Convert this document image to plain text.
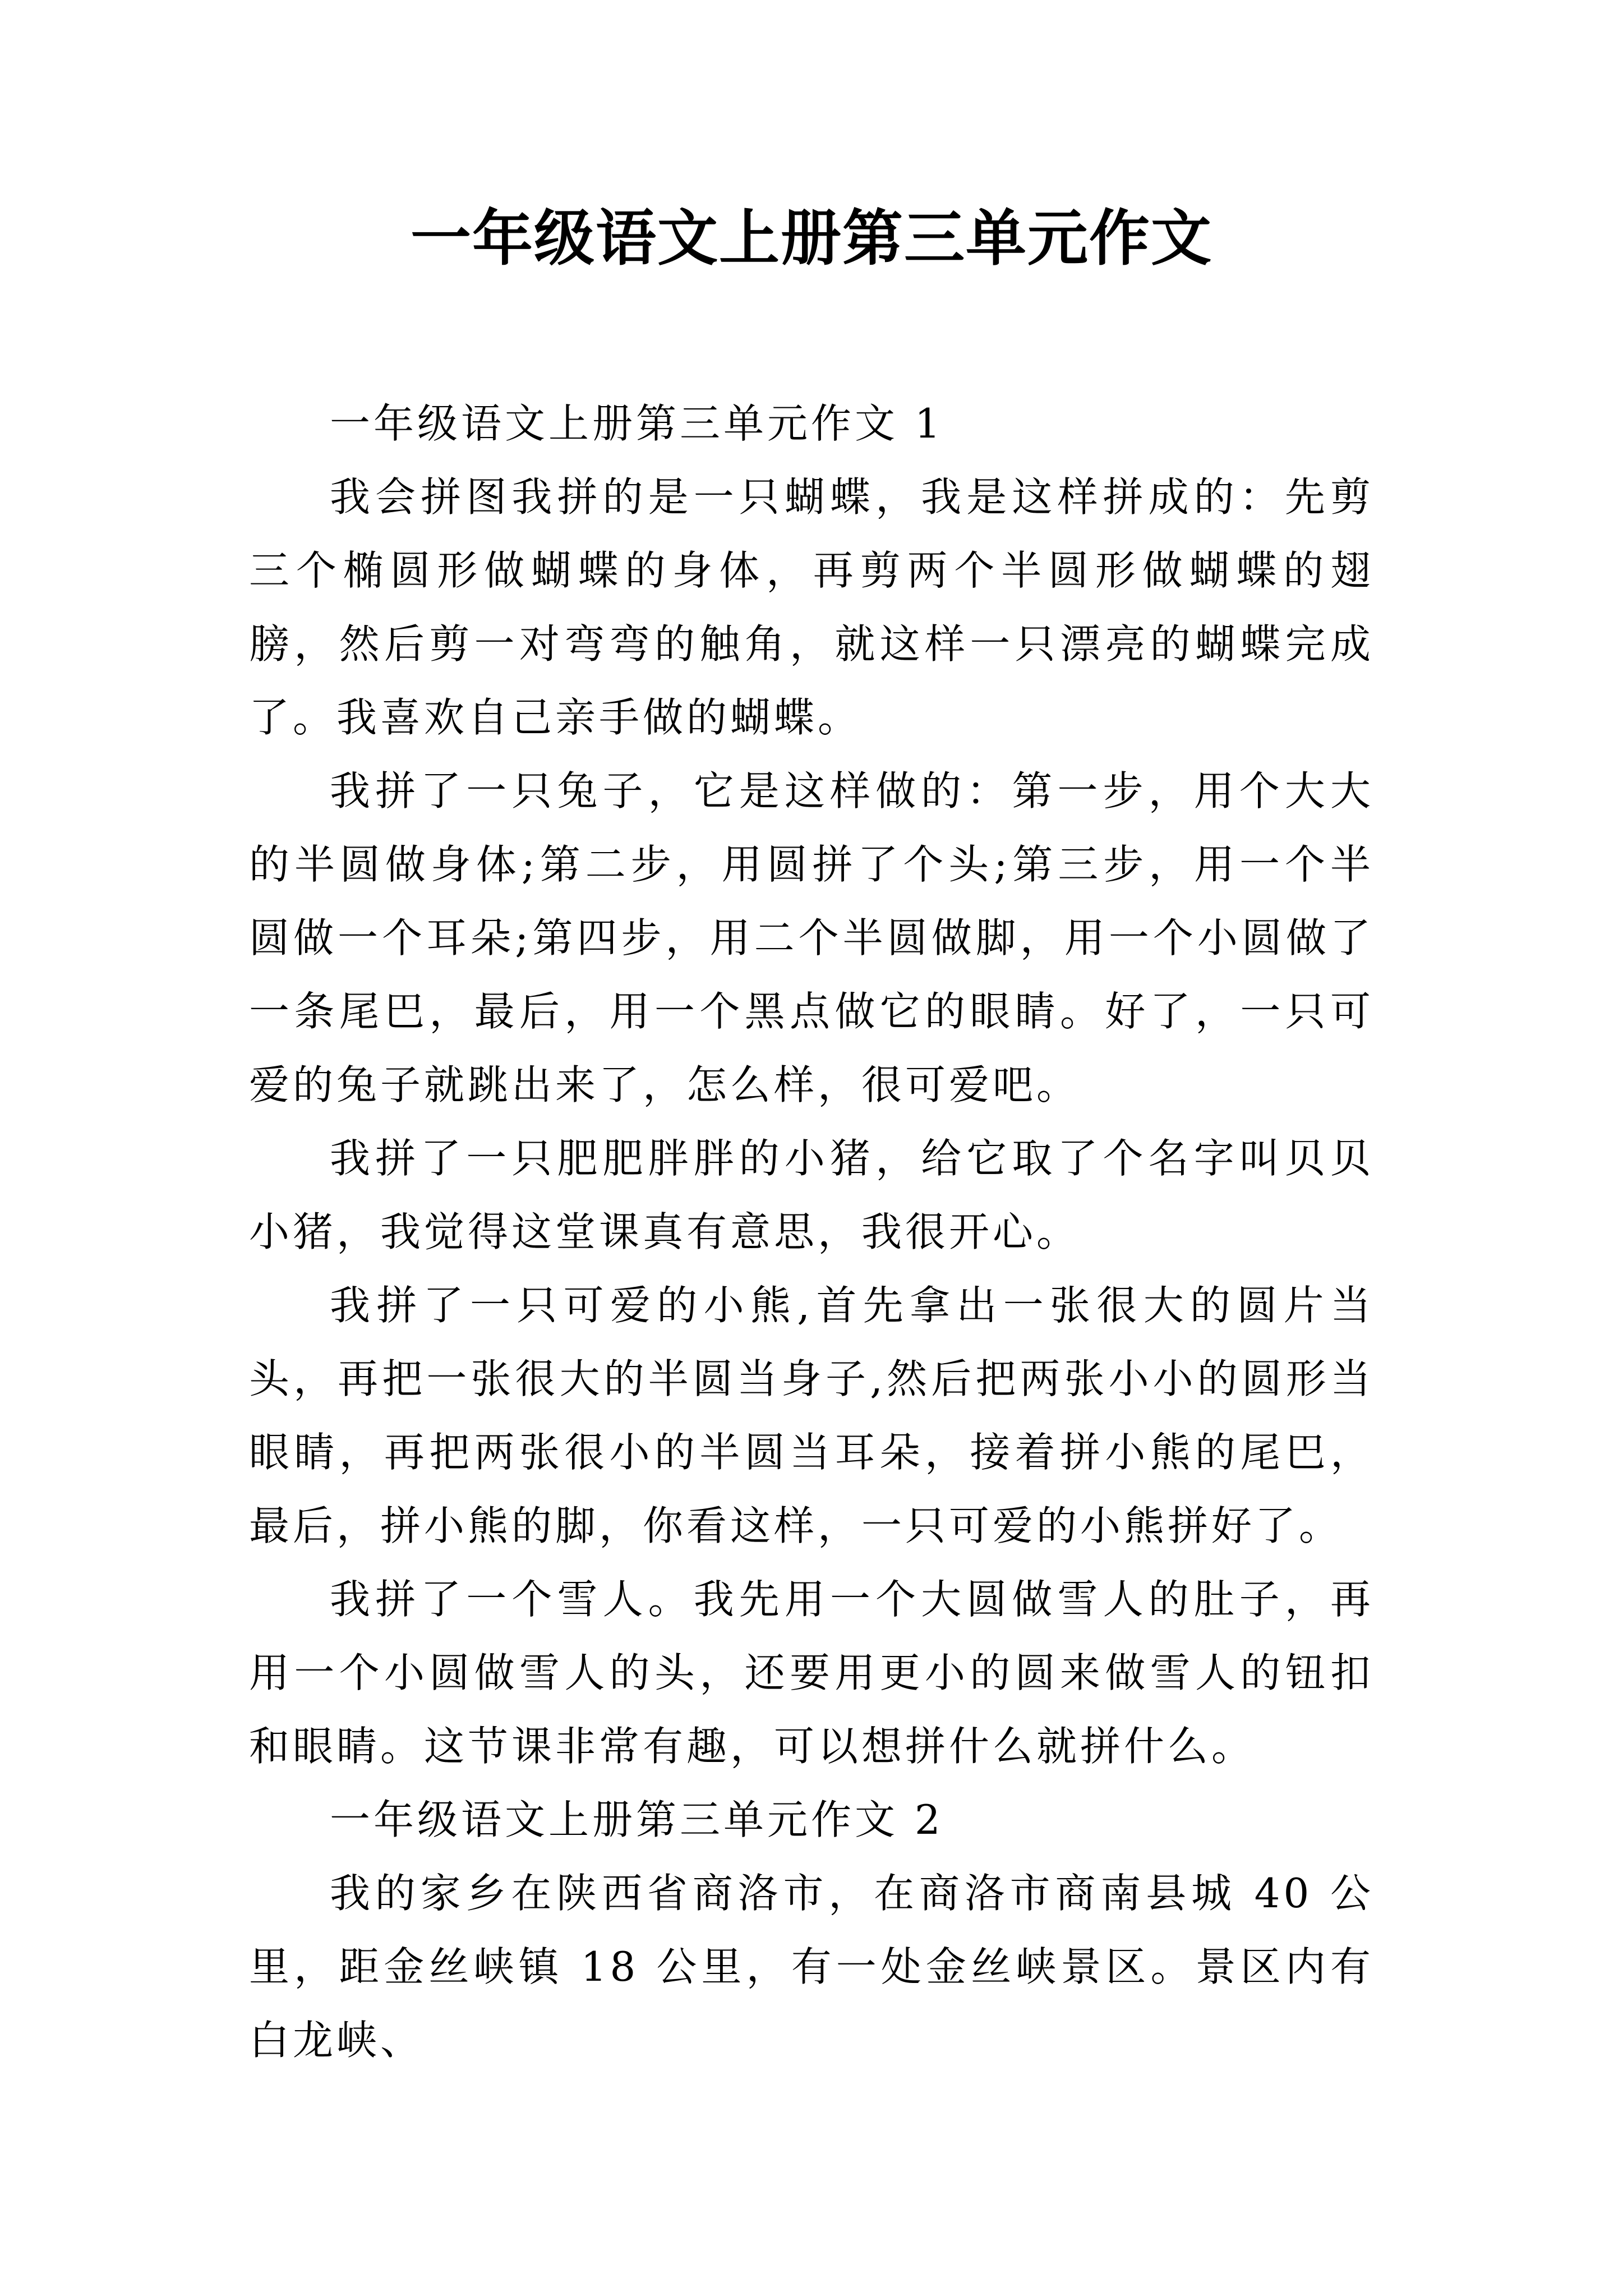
一年级语文上册第三单元作文

一年级语文上册第三单元作文 1

我会拼图我拼的是一只蝴蝶，我是这样拼成的：先剪三个椭圆形做蝴蝶的身体，再剪两个半圆形做蝴蝶的翅膀，然后剪一对弯弯的触角，就这样一只漂亮的蝴蝶完成了。我喜欢自己亲手做的蝴蝶。

我拼了一只兔子，它是这样做的：第一步，用个大大的半圆做身体;第二步，用圆拼了个头;第三步，用一个半圆做一个耳朵;第四步，用二个半圆做脚，用一个小圆做了一条尾巴，最后，用一个黑点做它的眼睛。好了，一只可爱的兔子就跳出来了，怎么样，很可爱吧。

我拼了一只肥肥胖胖的小猪，给它取了个名字叫贝贝小猪，我觉得这堂课真有意思，我很开心。

我拼了一只可爱的小熊,首先拿出一张很大的圆片当头，再把一张很大的半圆当身子,然后把两张小小的圆形当眼睛，再把两张很小的半圆当耳朵，接着拼小熊的尾巴，最后，拼小熊的脚，你看这样，一只可爱的小熊拼好了。

我拼了一个雪人。我先用一个大圆做雪人的肚子，再用一个小圆做雪人的头，还要用更小的圆来做雪人的钮扣和眼睛。这节课非常有趣，可以想拼什么就拼什么。

一年级语文上册第三单元作文 2

我的家乡在陕西省商洛市，在商洛市商南县城 40 公里，距金丝峡镇 18 公里，有一处金丝峡景区。景区内有白龙峡、
